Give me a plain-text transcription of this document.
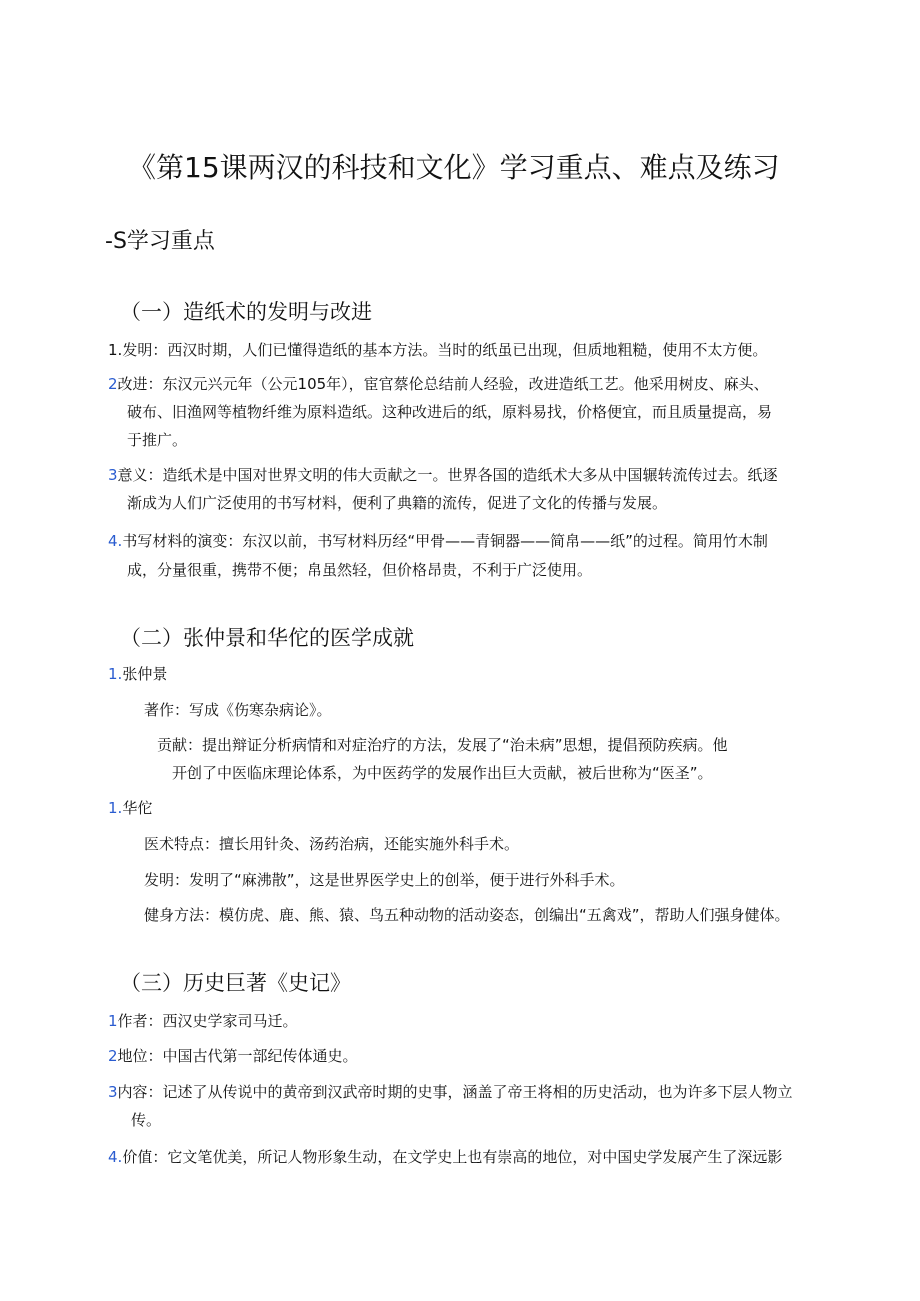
《第15课两汉的科技和文化》学习重点、难点及练习
-S学习重点
（一）造纸术的发明与改进
1.发明：西汉时期，人们已懂得造纸的基本方法。当时的纸虽已出现，但质地粗糙，使用不太方便。
2改进：东汉元兴元年（公元105年），宦官蔡伦总结前人经验，改进造纸工艺。他采用树皮、麻头、
破布、旧渔网等植物纤维为原料造纸。这种改进后的纸，原料易找，价格便宜，而且质量提高，易
于推广。
3意义：造纸术是中国对世界文明的伟大贡献之一。世界各国的造纸术大多从中国辗转流传过去。纸逐
渐成为人们广泛使用的书写材料，便利了典籍的流传，促进了文化的传播与发展。
4.书写材料的演变：东汉以前，书写材料历经“甲骨——青铜器——简帛——纸”的过程。简用竹木制
成，分量很重，携带不便；帛虽然轻，但价格昂贵，不利于广泛使用。
（二）张仲景和华佗的医学成就
1.张仲景
著作：写成《伤寒杂病论》。
贡献：提出辩证分析病情和对症治疗的方法，发展了“治未病”思想，提倡预防疾病。他
开创了中医临床理论体系，为中医药学的发展作出巨大贡献，被后世称为“医圣”。
1.华佗
医术特点：擅长用针灸、汤药治病，还能实施外科手术。
发明：发明了“麻沸散”，这是世界医学史上的创举，便于进行外科手术。
健身方法：模仿虎、鹿、熊、猿、鸟五种动物的活动姿态，创编出“五禽戏”，帮助人们强身健体。
（三）历史巨著《史记》
1作者：西汉史学家司马迁。
2地位：中国古代第一部纪传体通史。
3内容：记述了从传说中的黄帝到汉武帝时期的史事，涵盖了帝王将相的历史活动，也为许多下层人物立
传。
4.价值：它文笔优美，所记人物形象生动，在文学史上也有崇高的地位，对中国史学发展产生了深远影
